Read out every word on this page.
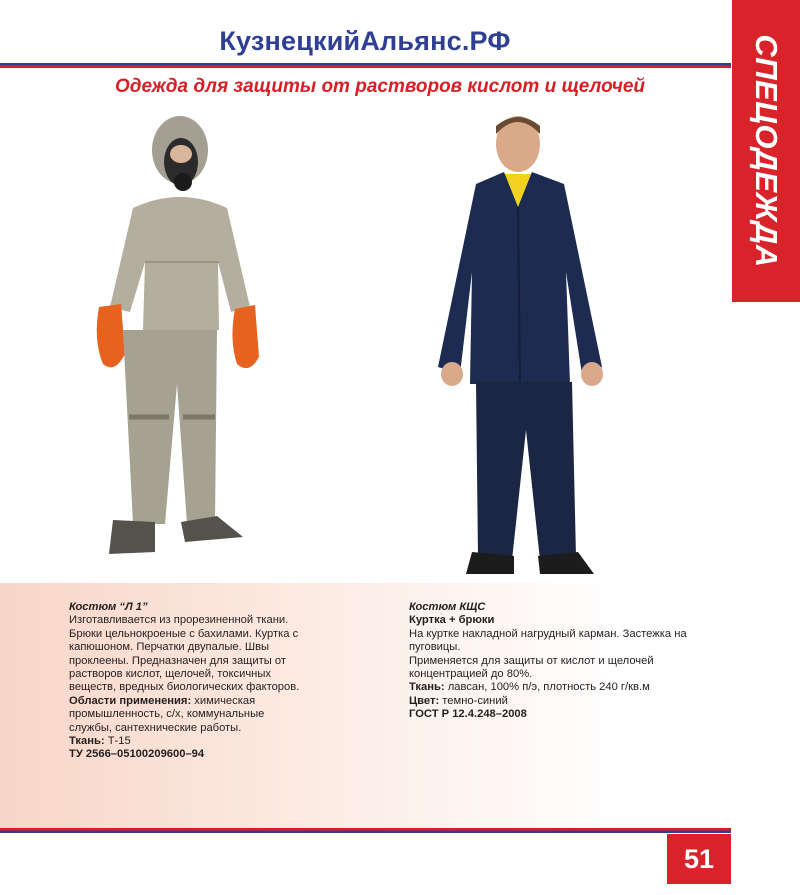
КузнецкийАльянс.РФ
Одежда для защиты от растворов кислот и щелочей	СПЕЦОДЕЖДА

Костюм “Л 1”

Изготавливается из прорезиненной ткани. Брюки цельнокроеные с бахилами. Куртка с капюшоном. Перчатки двупалые. Швы проклеены. Предназначен для защиты от растворов кислот, щелочей, токсичных веществ, вредных биологических факторов.

Области применения: химическая промышленность, с/х, коммунальные службы, сантехнические работы.

Ткань: Т-15

ТУ 2566–05100209600–94

Костюм КЩС

Куртка + брюки

На куртке накладной нагрудный карман. Застежка на пуговицы.

Применяется для защиты от кислот и щелочей концентрацией до 80%.

Ткань: лавсан, 100% п/э, плотность 240 г/кв.м

Цвет: темно-синий

ГОСТ Р 12.4.248–2008

51
